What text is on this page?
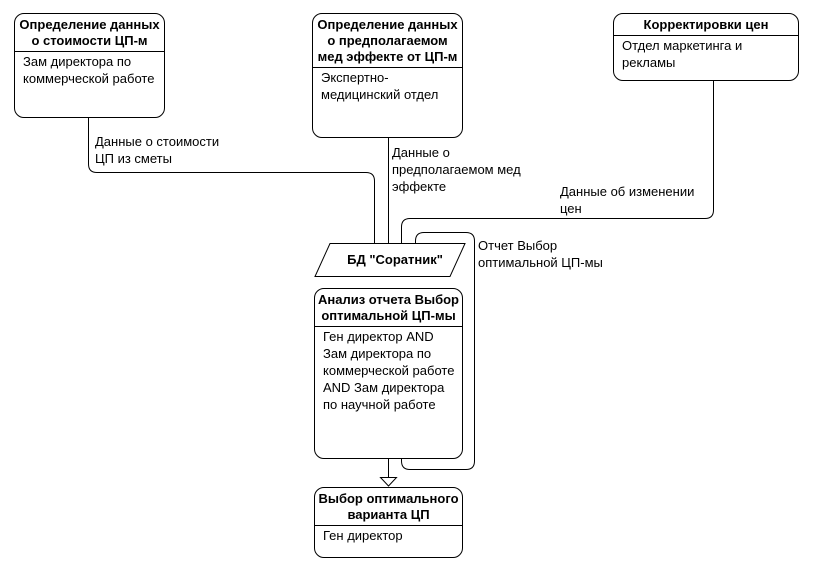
Определение данных о стоимости ЦП-м
Зам директора по коммерческой работе
Определение данных о предполагаемом мед эффекте от ЦП-м
Экспертно-медицинский отдел
Корректировки цен
Отдел маркетинга и рекламы
БД "Соратник"
Анализ отчета Выбор оптимальной ЦП-мы
Ген директор AND Зам директора по коммерческой работе AND Зам директора по научной работе
Выбор оптимального варианта ЦП
Ген директор
Данные о стоимости ЦП из сметы	Данные о предполагаемом мед эффекте	Данные об изменении цен
Отчет Выбор оптимальной ЦП-мы
